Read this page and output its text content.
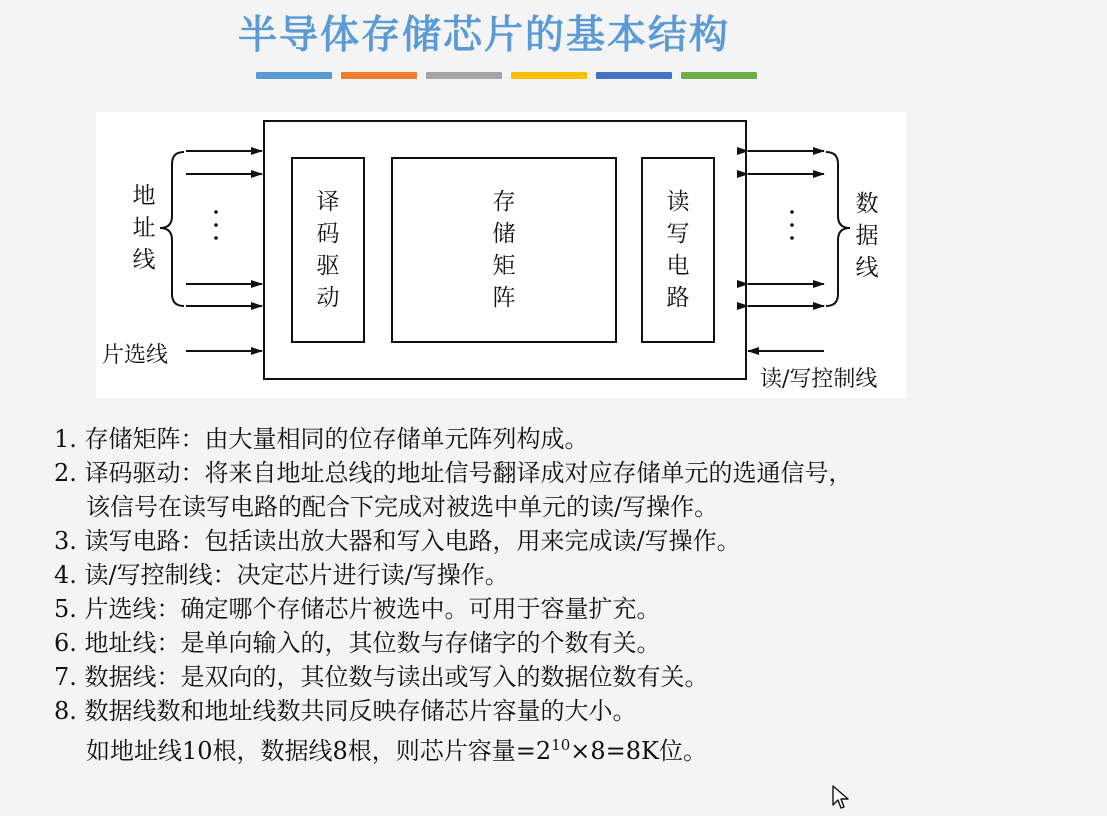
半导体存储芯片的基本结构
地址线
译码驱动
存储矩阵
读写电路
数据线
片选线
读/写控制线
1. 存储矩阵：由大量相同的位存储单元阵列构成。
2. 译码驱动：将来自地址总线的地址信号翻译成对应存储单元的选通信号，
该信号在读写电路的配合下完成对被选中单元的读/写操作。
3. 读写电路：包括读出放大器和写入电路，用来完成读/写操作。
4. 读/写控制线：决定芯片进行读/写操作。
5. 片选线：确定哪个存储芯片被选中。可用于容量扩充。
6. 地址线：是单向输入的，其位数与存储字的个数有关。
7. 数据线：是双向的，其位数与读出或写入的数据位数有关。
8. 数据线数和地址线数共同反映存储芯片容量的大小。
如地址线10根，数据线8根，则芯片容量$=2^{10}\times 8=8K$位。
